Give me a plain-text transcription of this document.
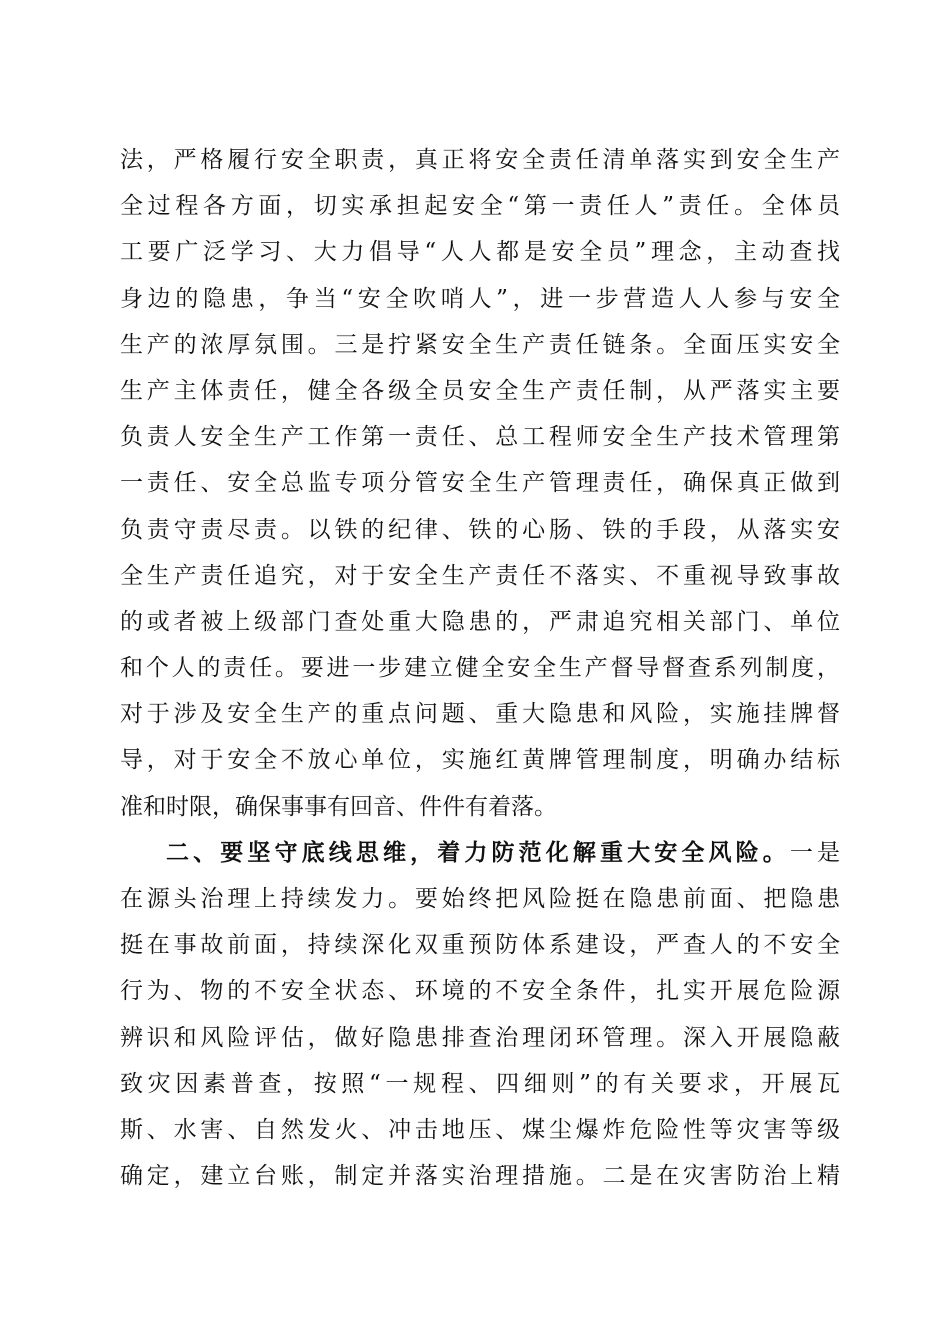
法，严格履行安全职责，真正将安全责任清单落实到安全生产
全过程各方面，切实承担起安全“第一责任人”责任。全体员
工要广泛学习、大力倡导“人人都是安全员”理念，主动查找
身边的隐患，争当“安全吹哨人”，进一步营造人人参与安全
生产的浓厚氛围。三是拧紧安全生产责任链条。全面压实安全
生产主体责任，健全各级全员安全生产责任制，从严落实主要
负责人安全生产工作第一责任、总工程师安全生产技术管理第
一责任、安全总监专项分管安全生产管理责任，确保真正做到
负责守责尽责。以铁的纪律、铁的心肠、铁的手段，从落实安
全生产责任追究，对于安全生产责任不落实、不重视导致事故
的或者被上级部门查处重大隐患的，严肃追究相关部门、单位
和个人的责任。要进一步建立健全安全生产督导督查系列制度，
对于涉及安全生产的重点问题、重大隐患和风险，实施挂牌督
导，对于安全不放心单位，实施红黄牌管理制度，明确办结标
准和时限，确保事事有回音、件件有着落。
二、要坚守底线思维，着力防范化解重大安全风险。一是
在源头治理上持续发力。要始终把风险挺在隐患前面、把隐患
挺在事故前面，持续深化双重预防体系建设，严查人的不安全
行为、物的不安全状态、环境的不安全条件，扎实开展危险源
辨识和风险评估，做好隐患排查治理闭环管理。深入开展隐蔽
致灾因素普查，按照“一规程、四细则”的有关要求，开展瓦
斯、水害、自然发火、冲击地压、煤尘爆炸危险性等灾害等级
确定，建立台账，制定并落实治理措施。二是在灾害防治上精
